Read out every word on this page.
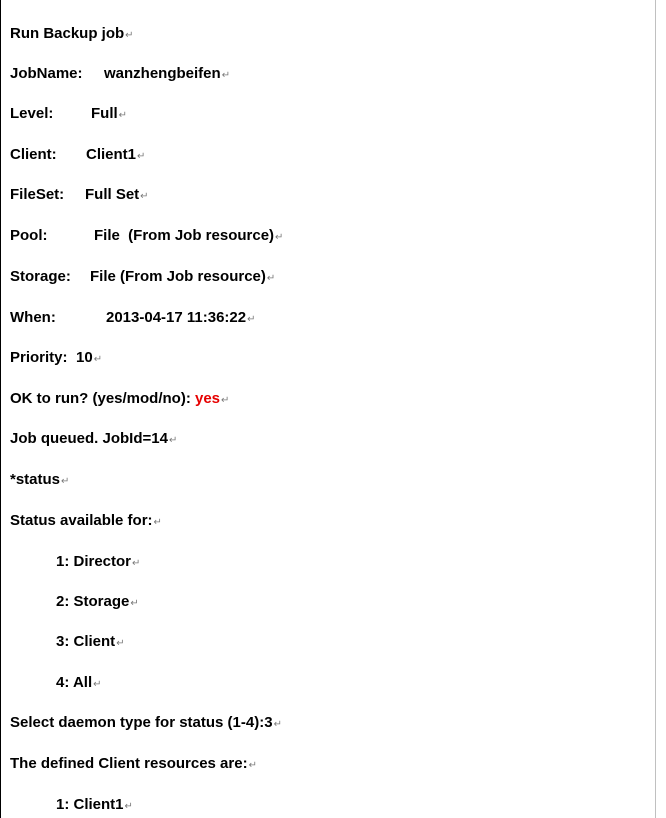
Run Backup job↵
JobName: wanzhengbeifen↵
Level:	Full↵
Client: Client1↵
FileSet: Full Set↵
Pool:	File  (From Job resource)↵
Storage: File (From Job resource)↵
When:	2013-04-17 11:36:22↵
Priority: 10↵
OK to run? (yes/mod/no): yes↵
Job queued. JobId=14↵
*status↵
Status available for:↵
1: Director↵
2: Storage↵
3: Client↵
4: All↵
Select daemon type for status (1-4):3↵
The defined Client resources are:↵
1: Client1↵
